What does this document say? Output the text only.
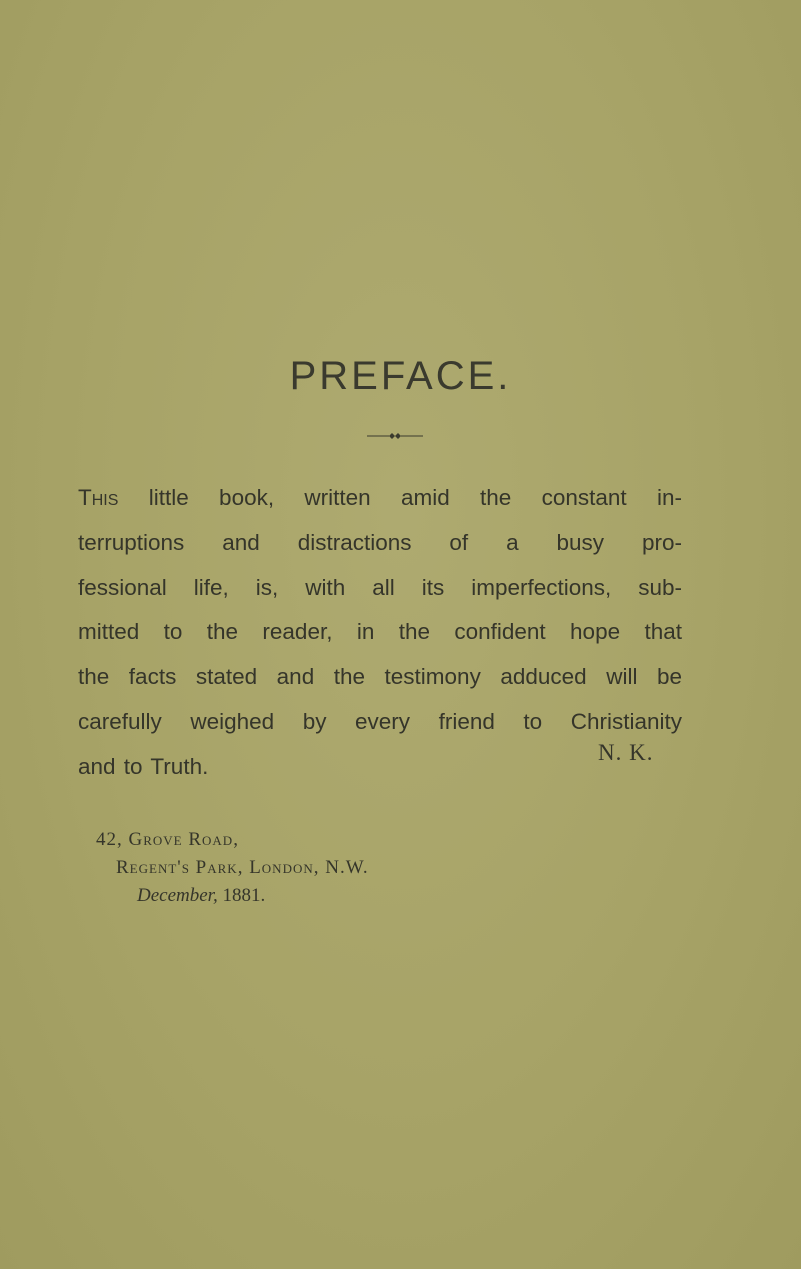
PREFACE.
This little book, written amid the constant in-
terruptions and distractions of a busy pro-
fessional life, is, with all its imperfections, sub-
mitted to the reader, in the confident hope that
the facts stated and the testimony adduced will be
carefully weighed by every friend to Christianity
and to Truth.
N. K.
42, Grove Road,
Regent's Park, London, N.W.
December, 1881.
